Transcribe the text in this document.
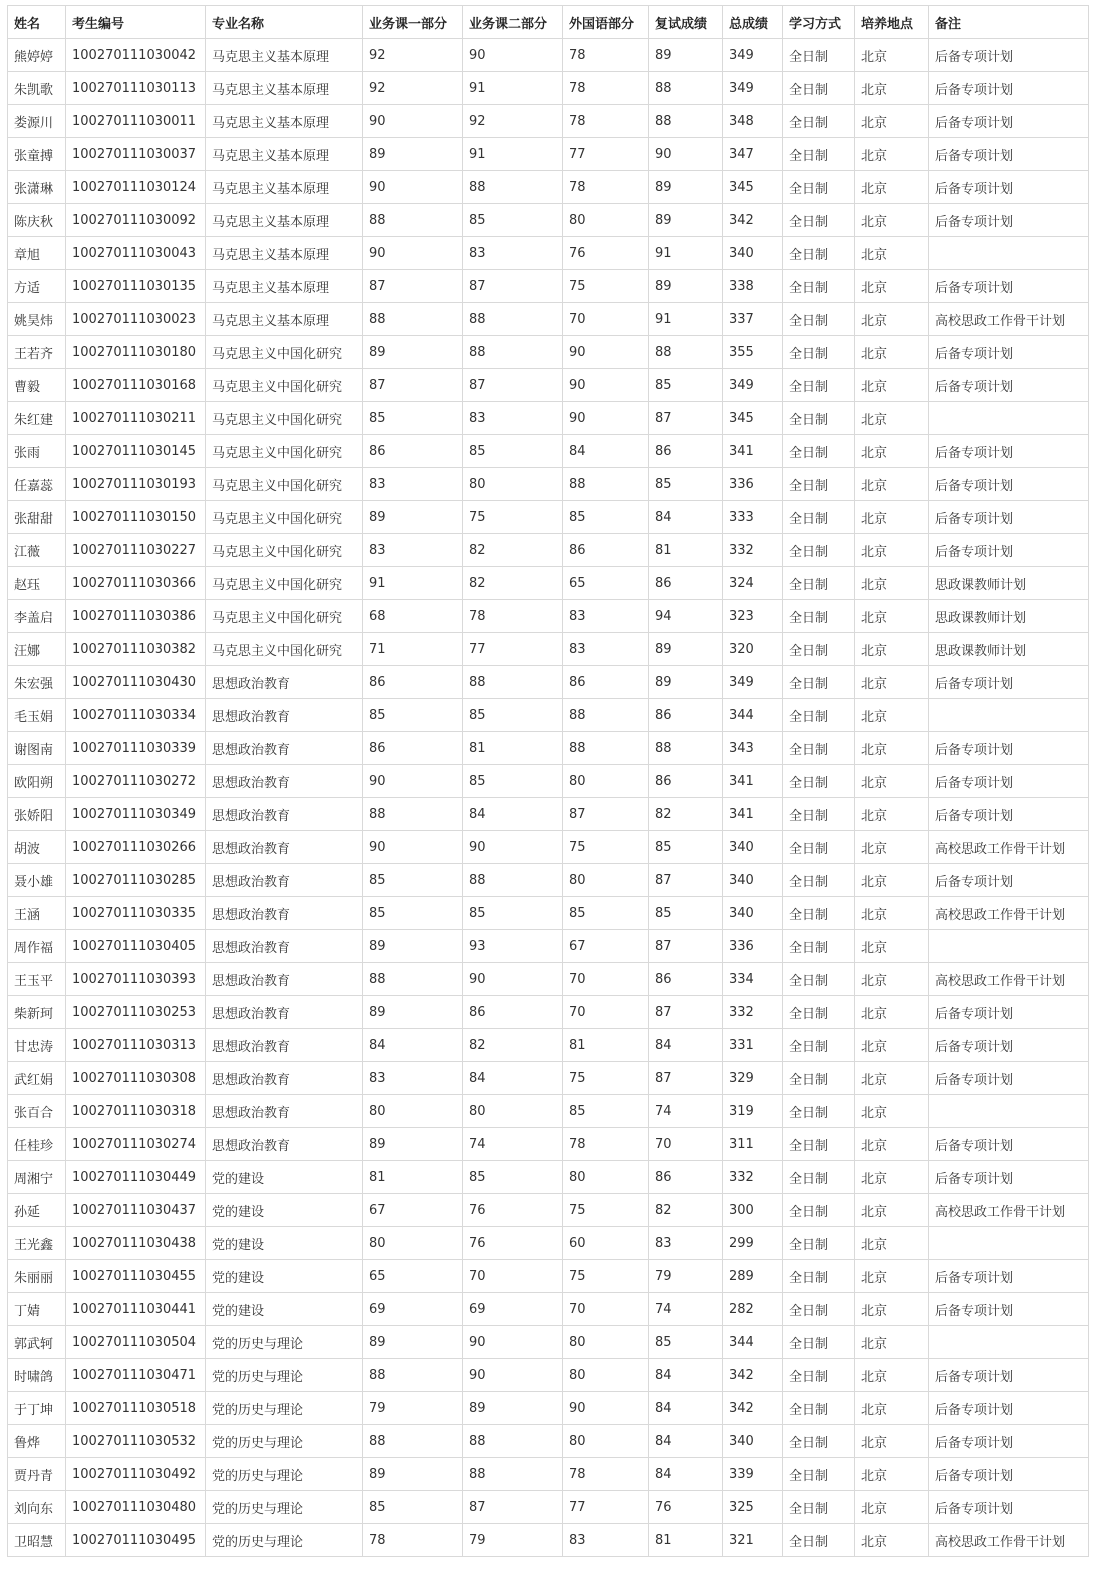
姓名	考生编号	专业名称	业务课一部分	业务课二部分	外国语部分	复试成绩	总成绩	学习方式	培养地点	备注
熊婷婷	100270111030042	马克思主义基本原理	92	90	78	89	349	全日制	北京	后备专项计划
朱凯歌	100270111030113	马克思主义基本原理	92	91	78	88	349	全日制	北京	后备专项计划
娄源川	100270111030011	马克思主义基本原理	90	92	78	88	348	全日制	北京	后备专项计划
张童搏	100270111030037	马克思主义基本原理	89	91	77	90	347	全日制	北京	后备专项计划
张潇琳	100270111030124	马克思主义基本原理	90	88	78	89	345	全日制	北京	后备专项计划
陈庆秋	100270111030092	马克思主义基本原理	88	85	80	89	342	全日制	北京	后备专项计划
章旭	100270111030043	马克思主义基本原理	90	83	76	91	340	全日制	北京	
方适	100270111030135	马克思主义基本原理	87	87	75	89	338	全日制	北京	后备专项计划
姚昊炜	100270111030023	马克思主义基本原理	88	88	70	91	337	全日制	北京	高校思政工作骨干计划
王若齐	100270111030180	马克思主义中国化研究	89	88	90	88	355	全日制	北京	后备专项计划
曹毅	100270111030168	马克思主义中国化研究	87	87	90	85	349	全日制	北京	后备专项计划
朱红建	100270111030211	马克思主义中国化研究	85	83	90	87	345	全日制	北京	
张雨	100270111030145	马克思主义中国化研究	86	85	84	86	341	全日制	北京	后备专项计划
任嘉蕊	100270111030193	马克思主义中国化研究	83	80	88	85	336	全日制	北京	后备专项计划
张甜甜	100270111030150	马克思主义中国化研究	89	75	85	84	333	全日制	北京	后备专项计划
江薇	100270111030227	马克思主义中国化研究	83	82	86	81	332	全日制	北京	后备专项计划
赵珏	100270111030366	马克思主义中国化研究	91	82	65	86	324	全日制	北京	思政课教师计划
李盖启	100270111030386	马克思主义中国化研究	68	78	83	94	323	全日制	北京	思政课教师计划
汪娜	100270111030382	马克思主义中国化研究	71	77	83	89	320	全日制	北京	思政课教师计划
朱宏强	100270111030430	思想政治教育	86	88	86	89	349	全日制	北京	后备专项计划
毛玉娟	100270111030334	思想政治教育	85	85	88	86	344	全日制	北京	
谢图南	100270111030339	思想政治教育	86	81	88	88	343	全日制	北京	后备专项计划
欧阳朔	100270111030272	思想政治教育	90	85	80	86	341	全日制	北京	后备专项计划
张娇阳	100270111030349	思想政治教育	88	84	87	82	341	全日制	北京	后备专项计划
胡波	100270111030266	思想政治教育	90	90	75	85	340	全日制	北京	高校思政工作骨干计划
聂小雄	100270111030285	思想政治教育	85	88	80	87	340	全日制	北京	后备专项计划
王涵	100270111030335	思想政治教育	85	85	85	85	340	全日制	北京	高校思政工作骨干计划
周作福	100270111030405	思想政治教育	89	93	67	87	336	全日制	北京	
王玉平	100270111030393	思想政治教育	88	90	70	86	334	全日制	北京	高校思政工作骨干计划
柴新珂	100270111030253	思想政治教育	89	86	70	87	332	全日制	北京	后备专项计划
甘忠涛	100270111030313	思想政治教育	84	82	81	84	331	全日制	北京	后备专项计划
武红娟	100270111030308	思想政治教育	83	84	75	87	329	全日制	北京	后备专项计划
张百合	100270111030318	思想政治教育	80	80	85	74	319	全日制	北京	
任桂珍	100270111030274	思想政治教育	89	74	78	70	311	全日制	北京	后备专项计划
周湘宁	100270111030449	党的建设	81	85	80	86	332	全日制	北京	后备专项计划
孙延	100270111030437	党的建设	67	76	75	82	300	全日制	北京	高校思政工作骨干计划
王光鑫	100270111030438	党的建设	80	76	60	83	299	全日制	北京	
朱丽丽	100270111030455	党的建设	65	70	75	79	289	全日制	北京	后备专项计划
丁婧	100270111030441	党的建设	69	69	70	74	282	全日制	北京	后备专项计划
郭武轲	100270111030504	党的历史与理论	89	90	80	85	344	全日制	北京	
时啸鸽	100270111030471	党的历史与理论	88	90	80	84	342	全日制	北京	后备专项计划
于丁坤	100270111030518	党的历史与理论	79	89	90	84	342	全日制	北京	后备专项计划
鲁烨	100270111030532	党的历史与理论	88	88	80	84	340	全日制	北京	后备专项计划
贾丹青	100270111030492	党的历史与理论	89	88	78	84	339	全日制	北京	后备专项计划
刘向东	100270111030480	党的历史与理论	85	87	77	76	325	全日制	北京	后备专项计划
卫昭慧	100270111030495	党的历史与理论	78	79	83	81	321	全日制	北京	高校思政工作骨干计划
